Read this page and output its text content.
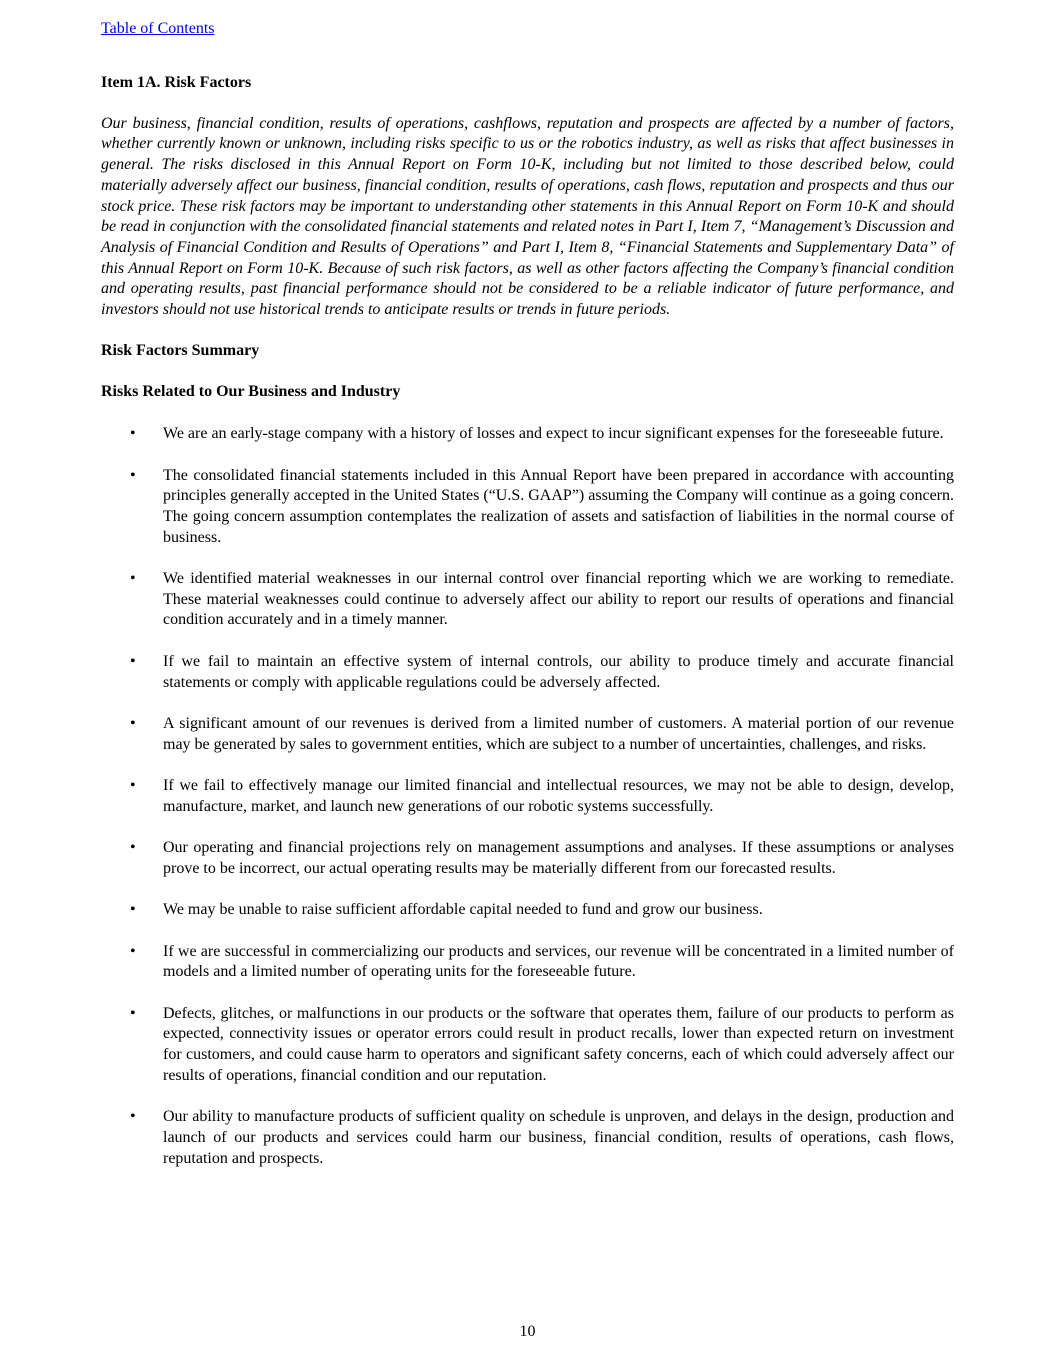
Table of Contents

Item 1A. Risk Factors

Our business, financial condition, results of operations, cashflows, reputation and prospects are affected by a number of factors, whether currently known or unknown, including risks specific to us or the robotics industry, as well as risks that affect businesses in general. The risks disclosed in this Annual Report on Form 10-K, including but not limited to those described below, could materially adversely affect our business, financial condition, results of operations, cash flows, reputation and prospects and thus our stock price. These risk factors may be important to understanding other statements in this Annual Report on Form 10-K and should be read in conjunction with the consolidated financial statements and related notes in Part I, Item 7, “Management’s Discussion and Analysis of Financial Condition and Results of Operations” and Part I, Item 8, “Financial Statements and Supplementary Data” of this Annual Report on Form 10-K. Because of such risk factors, as well as other factors affecting the Company’s financial condition and operating results, past financial performance should not be considered to be a reliable indicator of future performance, and investors should not use historical trends to anticipate results or trends in future periods.

Risk Factors Summary

Risks Related to Our Business and Industry

• We are an early-stage company with a history of losses and expect to incur significant expenses for the foreseeable future.
• The consolidated financial statements included in this Annual Report have been prepared in accordance with accounting principles generally accepted in the United States (“U.S. GAAP”) assuming the Company will continue as a going concern. The going concern assumption contemplates the realization of assets and satisfaction of liabilities in the normal course of business.
• We identified material weaknesses in our internal control over financial reporting which we are working to remediate. These material weaknesses could continue to adversely affect our ability to report our results of operations and financial condition accurately and in a timely manner.
• If we fail to maintain an effective system of internal controls, our ability to produce timely and accurate financial statements or comply with applicable regulations could be adversely affected.
• A significant amount of our revenues is derived from a limited number of customers. A material portion of our revenue may be generated by sales to government entities, which are subject to a number of uncertainties, challenges, and risks.
• If we fail to effectively manage our limited financial and intellectual resources, we may not be able to design, develop, manufacture, market, and launch new generations of our robotic systems successfully.
• Our operating and financial projections rely on management assumptions and analyses. If these assumptions or analyses prove to be incorrect, our actual operating results may be materially different from our forecasted results.
• We may be unable to raise sufficient affordable capital needed to fund and grow our business.
• If we are successful in commercializing our products and services, our revenue will be concentrated in a limited number of models and a limited number of operating units for the foreseeable future.
• Defects, glitches, or malfunctions in our products or the software that operates them, failure of our products to perform as expected, connectivity issues or operator errors could result in product recalls, lower than expected return on investment for customers, and could cause harm to operators and significant safety concerns, each of which could adversely affect our results of operations, financial condition and our reputation.
• Our ability to manufacture products of sufficient quality on schedule is unproven, and delays in the design, production and launch of our products and services could harm our business, financial condition, results of operations, cash flows, reputation and prospects.
10
